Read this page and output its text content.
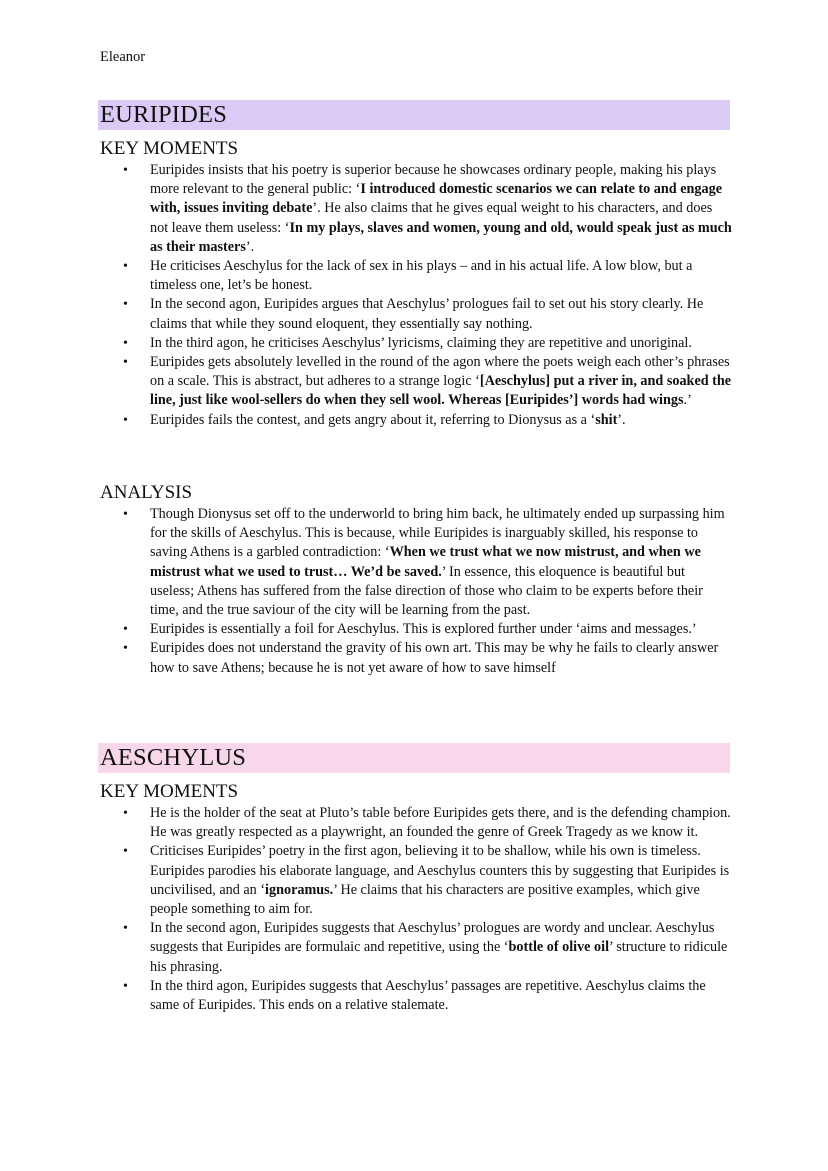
Eleanor
EURIPIDES
KEY MOMENTS
• Euripides insists that his poetry is superior because he showcases ordinary people, making his plays more relevant to the general public: ‘I introduced domestic scenarios we can relate to and engage with, issues inviting debate’. He also claims that he gives equal weight to his characters, and does not leave them useless: ‘In my plays, slaves and women, young and old, would speak just as much as their masters’.
• He criticises Aeschylus for the lack of sex in his plays – and in his actual life. A low blow, but a timeless one, let’s be honest.
• In the second agon, Euripides argues that Aeschylus’ prologues fail to set out his story clearly. He claims that while they sound eloquent, they essentially say nothing.
• In the third agon, he criticises Aeschylus’ lyricisms, claiming they are repetitive and unoriginal.
• Euripides gets absolutely levelled in the round of the agon where the poets weigh each other’s phrases on a scale. This is abstract, but adheres to a strange logic ‘[Aeschylus] put a river in, and soaked the line, just like wool-sellers do when they sell wool. Whereas [Euripides’] words had wings.’
• Euripides fails the contest, and gets angry about it, referring to Dionysus as a ‘shit’.
ANALYSIS
• Though Dionysus set off to the underworld to bring him back, he ultimately ended up surpassing him for the skills of Aeschylus. This is because, while Euripides is inarguably skilled, his response to saving Athens is a garbled contradiction: ‘When we trust what we now mistrust, and when we mistrust what we used to trust… We’d be saved.’ In essence, this eloquence is beautiful but useless; Athens has suffered from the false direction of those who claim to be experts before their time, and the true saviour of the city will be learning from the past.
• Euripides is essentially a foil for Aeschylus. This is explored further under ‘aims and messages.’
• Euripides does not understand the gravity of his own art. This may be why he fails to clearly answer how to save Athens; because he is not yet aware of how to save himself
AESCHYLUS
KEY MOMENTS
• He is the holder of the seat at Pluto’s table before Euripides gets there, and is the defending champion. He was greatly respected as a playwright, an founded the genre of Greek Tragedy as we know it.
• Criticises Euripides’ poetry in the first agon, believing it to be shallow, while his own is timeless. Euripides parodies his elaborate language, and Aeschylus counters this by suggesting that Euripides is uncivilised, and an ‘ignoramus.’ He claims that his characters are positive examples, which give people something to aim for.
• In the second agon, Euripides suggests that Aeschylus’ prologues are wordy and unclear. Aeschylus suggests that Euripides are formulaic and repetitive, using the ‘bottle of olive oil’ structure to ridicule his phrasing.
• In the third agon, Euripides suggests that Aeschylus’ passages are repetitive. Aeschylus claims the same of Euripides. This ends on a relative stalemate.
